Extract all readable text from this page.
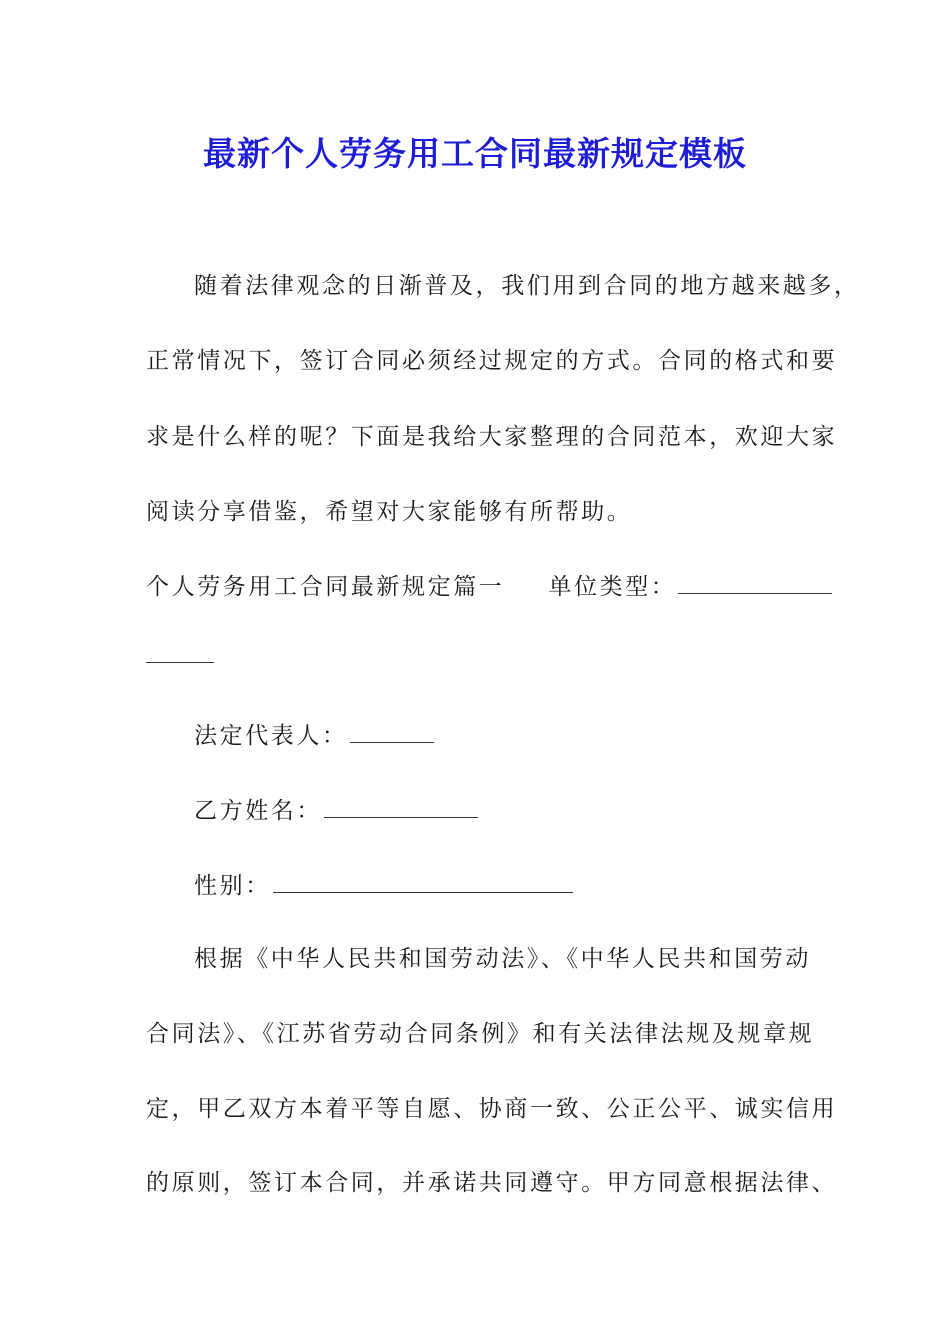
最新个人劳务用工合同最新规定模板
随着法律观念的日渐普及，我们用到合同的地方越来越多，
正常情况下，签订合同必须经过规定的方式。合同的格式和要
求是什么样的呢？下面是我给大家整理的合同范本，欢迎大家
阅读分享借鉴，希望对大家能够有所帮助。
个人劳务用工合同最新规定篇一 单位类型：
法定代表人：
乙方姓名：
性别：
根据《中华人民共和国劳动法》、《中华人民共和国劳动
合同法》、《江苏省劳动合同条例》和有关法律法规及规章规
定，甲乙双方本着平等自愿、协商一致、公正公平、诚实信用
的原则，签订本合同，并承诺共同遵守。甲方同意根据法律、
